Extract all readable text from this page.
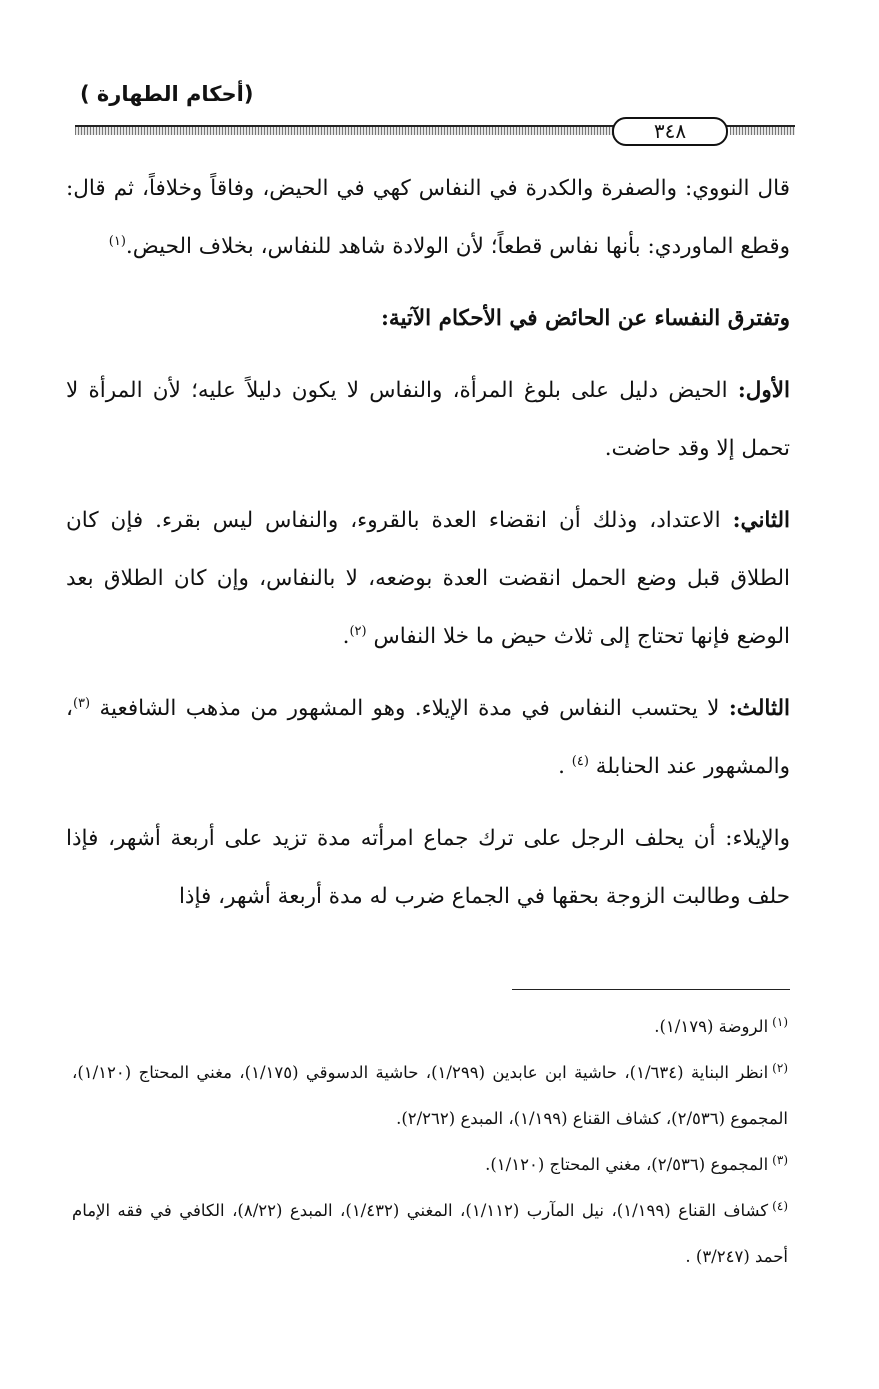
(أحكام الطهارة )
٣٤٨

قال النووي: والصفرة والكدرة في النفاس كهي في الحيض، وفاقاً وخلافاً، ثم قال: وقطع الماوردي: بأنها نفاس قطعاً؛ لأن الولادة شاهد للنفاس، بخلاف الحيض.$^{(١)}$

وتفترق النفساء عن الحائض في الأحكام الآتية:

الأول: الحيض دليل على بلوغ المرأة، والنفاس لا يكون دليلاً عليه؛ لأن المرأة لا تحمل إلا وقد حاضت.

الثاني: الاعتداد، وذلك أن انقضاء العدة بالقروء، والنفاس ليس بقرء. فإن كان الطلاق قبل وضع الحمل انقضت العدة بوضعه، لا بالنفاس، وإن كان الطلاق بعد الوضع فإنها تحتاج إلى ثلاث حيض ما خلا النفاس $^{(٢)}$.

الثالث: لا يحتسب النفاس في مدة الإيلاء. وهو المشهور من مذهب الشافعية $^{(٣)}$، والمشهور عند الحنابلة $^{(٤)}$ .

والإيلاء: أن يحلف الرجل على ترك جماع امرأته مدة تزيد على أربعة أشهر، فإذا حلف وطالبت الزوجة بحقها في الجماع ضرب له مدة أربعة أشهر، فإذا

$^{(١)}$الروضة (١/١٧٩).

$^{(٢)}$انظر البناية (١/٦٣٤)، حاشية ابن عابدين (١/٢٩٩)، حاشية الدسوقي (١/١٧٥)، مغني المحتاج (١/١٢٠)، المجموع (٢/٥٣٦)، كشاف القناع (١/١٩٩)، المبدع (٢/٢٦٢).

$^{(٣)}$المجموع (٢/٥٣٦)، مغني المحتاج (١/١٢٠).

$^{(٤)}$كشاف القناع (١/١٩٩)، نيل المآرب (١/١١٢)، المغني (١/٤٣٢)، المبدع (٨/٢٢)، الكافي في فقه الإمام أحمد (٣/٢٤٧) .
